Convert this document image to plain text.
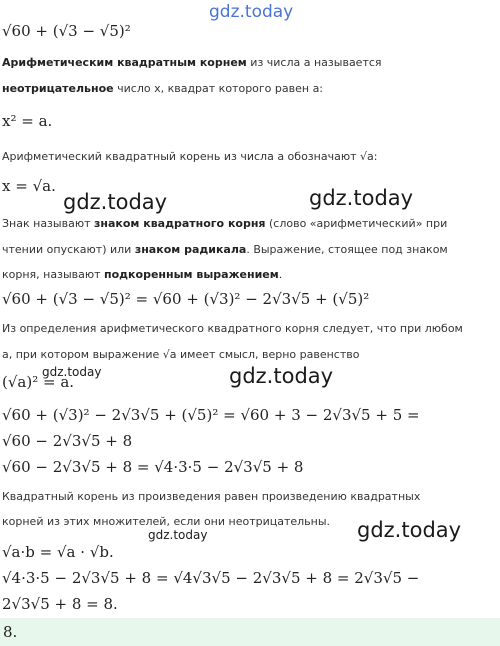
gdz.today
√60 + (√3 − √5)²
Арифметическим квадратным корнем из числа a называется
неотрицательное число x, квадрат которого равен a:
x² = a.
Арифметический квадратный корень из числа a обозначают √a:
x = √a.
gdz.today	gdz.today
Знак называют знаком квадратного корня (слово «арифметический» при
чтении опускают) или знаком радикала. Выражение, стоящее под знаком
корня, называют подкоренным выражением.
√60 + (√3 − √5)² = √60 + (√3)² − 2√3√5 + (√5)²
Из определения арифметического квадратного корня следует, что при любом
a, при котором выражение √a имеет смысл, верно равенство
(√a)² = a.
gdz.today	gdz.today
√60 + (√3)² − 2√3√5 + (√5)² = √60 + 3 − 2√3√5 + 5 =
√60 − 2√3√5 + 8
√60 − 2√3√5 + 8 = √4·3·5 − 2√3√5 + 8
Квадратный корень из произведения равен произведению квадратных
корней из этих множителей, если они неотрицательны. gdz.today
gdz.today
√a·b = √a · √b.
√4·3·5 − 2√3√5 + 8 = √4√3√5 − 2√3√5 + 8 = 2√3√5 −
2√3√5 + 8 = 8.
8.
